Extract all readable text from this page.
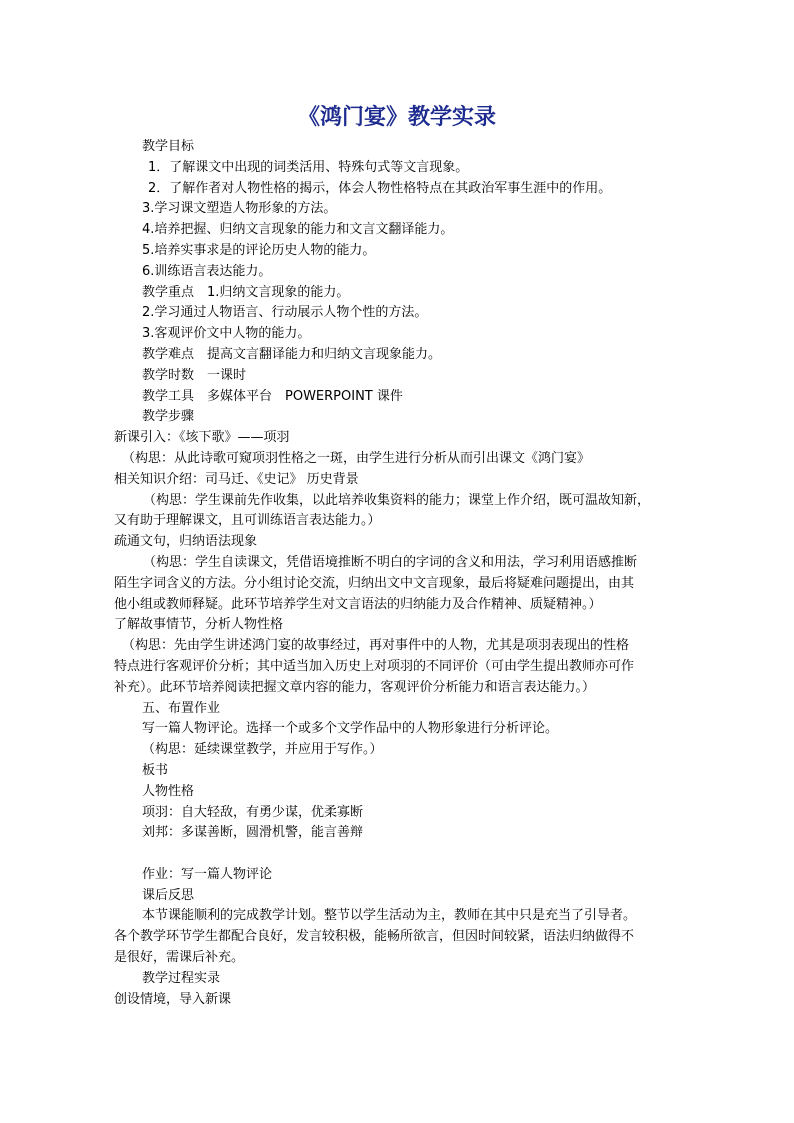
《鸿门宴》教学实录
教学目标
1．了解课文中出现的词类活用、特殊句式等文言现象。
2．了解作者对人物性格的揭示，体会人物性格特点在其政治军事生涯中的作用。
3.学习课文塑造人物形象的方法。
4.培养把握、归纳文言现象的能力和文言文翻译能力。
5.培养实事求是的评论历史人物的能力。
6.训练语言表达能力。
教学重点　1.归纳文言现象的能力。
2.学习通过人物语言、行动展示人物个性的方法。
3.客观评价文中人物的能力。
教学难点　提高文言翻译能力和归纳文言现象能力。
教学时数　一课时
教学工具　多媒体平台　POWERPOINT 课件
教学步骤
新课引入：《垓下歌》——项羽
（构思：从此诗歌可窥项羽性格之一斑，由学生进行分析从而引出课文《鸿门宴》
相关知识介绍：司马迁、《史记》 历史背景
（构思：学生课前先作收集，以此培养收集资料的能力；课堂上作介绍，既可温故知新，
又有助于理解课文，且可训练语言表达能力。）
疏通文句，归纳语法现象
（构思：学生自读课文，凭借语境推断不明白的字词的含义和用法，学习利用语感推断
陌生字词含义的方法。分小组讨论交流，归纳出文中文言现象，最后将疑难问题提出，由其
他小组或教师释疑。此环节培养学生对文言语法的归纳能力及合作精神、质疑精神。）
了解故事情节，分析人物性格
（构思：先由学生讲述鸿门宴的故事经过，再对事件中的人物，尤其是项羽表现出的性格
特点进行客观评价分析；其中适当加入历史上对项羽的不同评价（可由学生提出教师亦可作
补充）。此环节培养阅读把握文章内容的能力，客观评价分析能力和语言表达能力。）
五、布置作业
写一篇人物评论。选择一个或多个文学作品中的人物形象进行分析评论。
（构思：延续课堂教学，并应用于写作。）
板书
人物性格
项羽：自大轻敌，有勇少谋，优柔寡断
刘邦：多谋善断，圆滑机警，能言善辩
作业：写一篇人物评论
课后反思
本节课能顺利的完成教学计划。整节以学生活动为主，教师在其中只是充当了引导者。
各个教学环节学生都配合良好，发言较积极，能畅所欲言，但因时间较紧，语法归纳做得不
是很好，需课后补充。
教学过程实录
创设情境，导入新课
